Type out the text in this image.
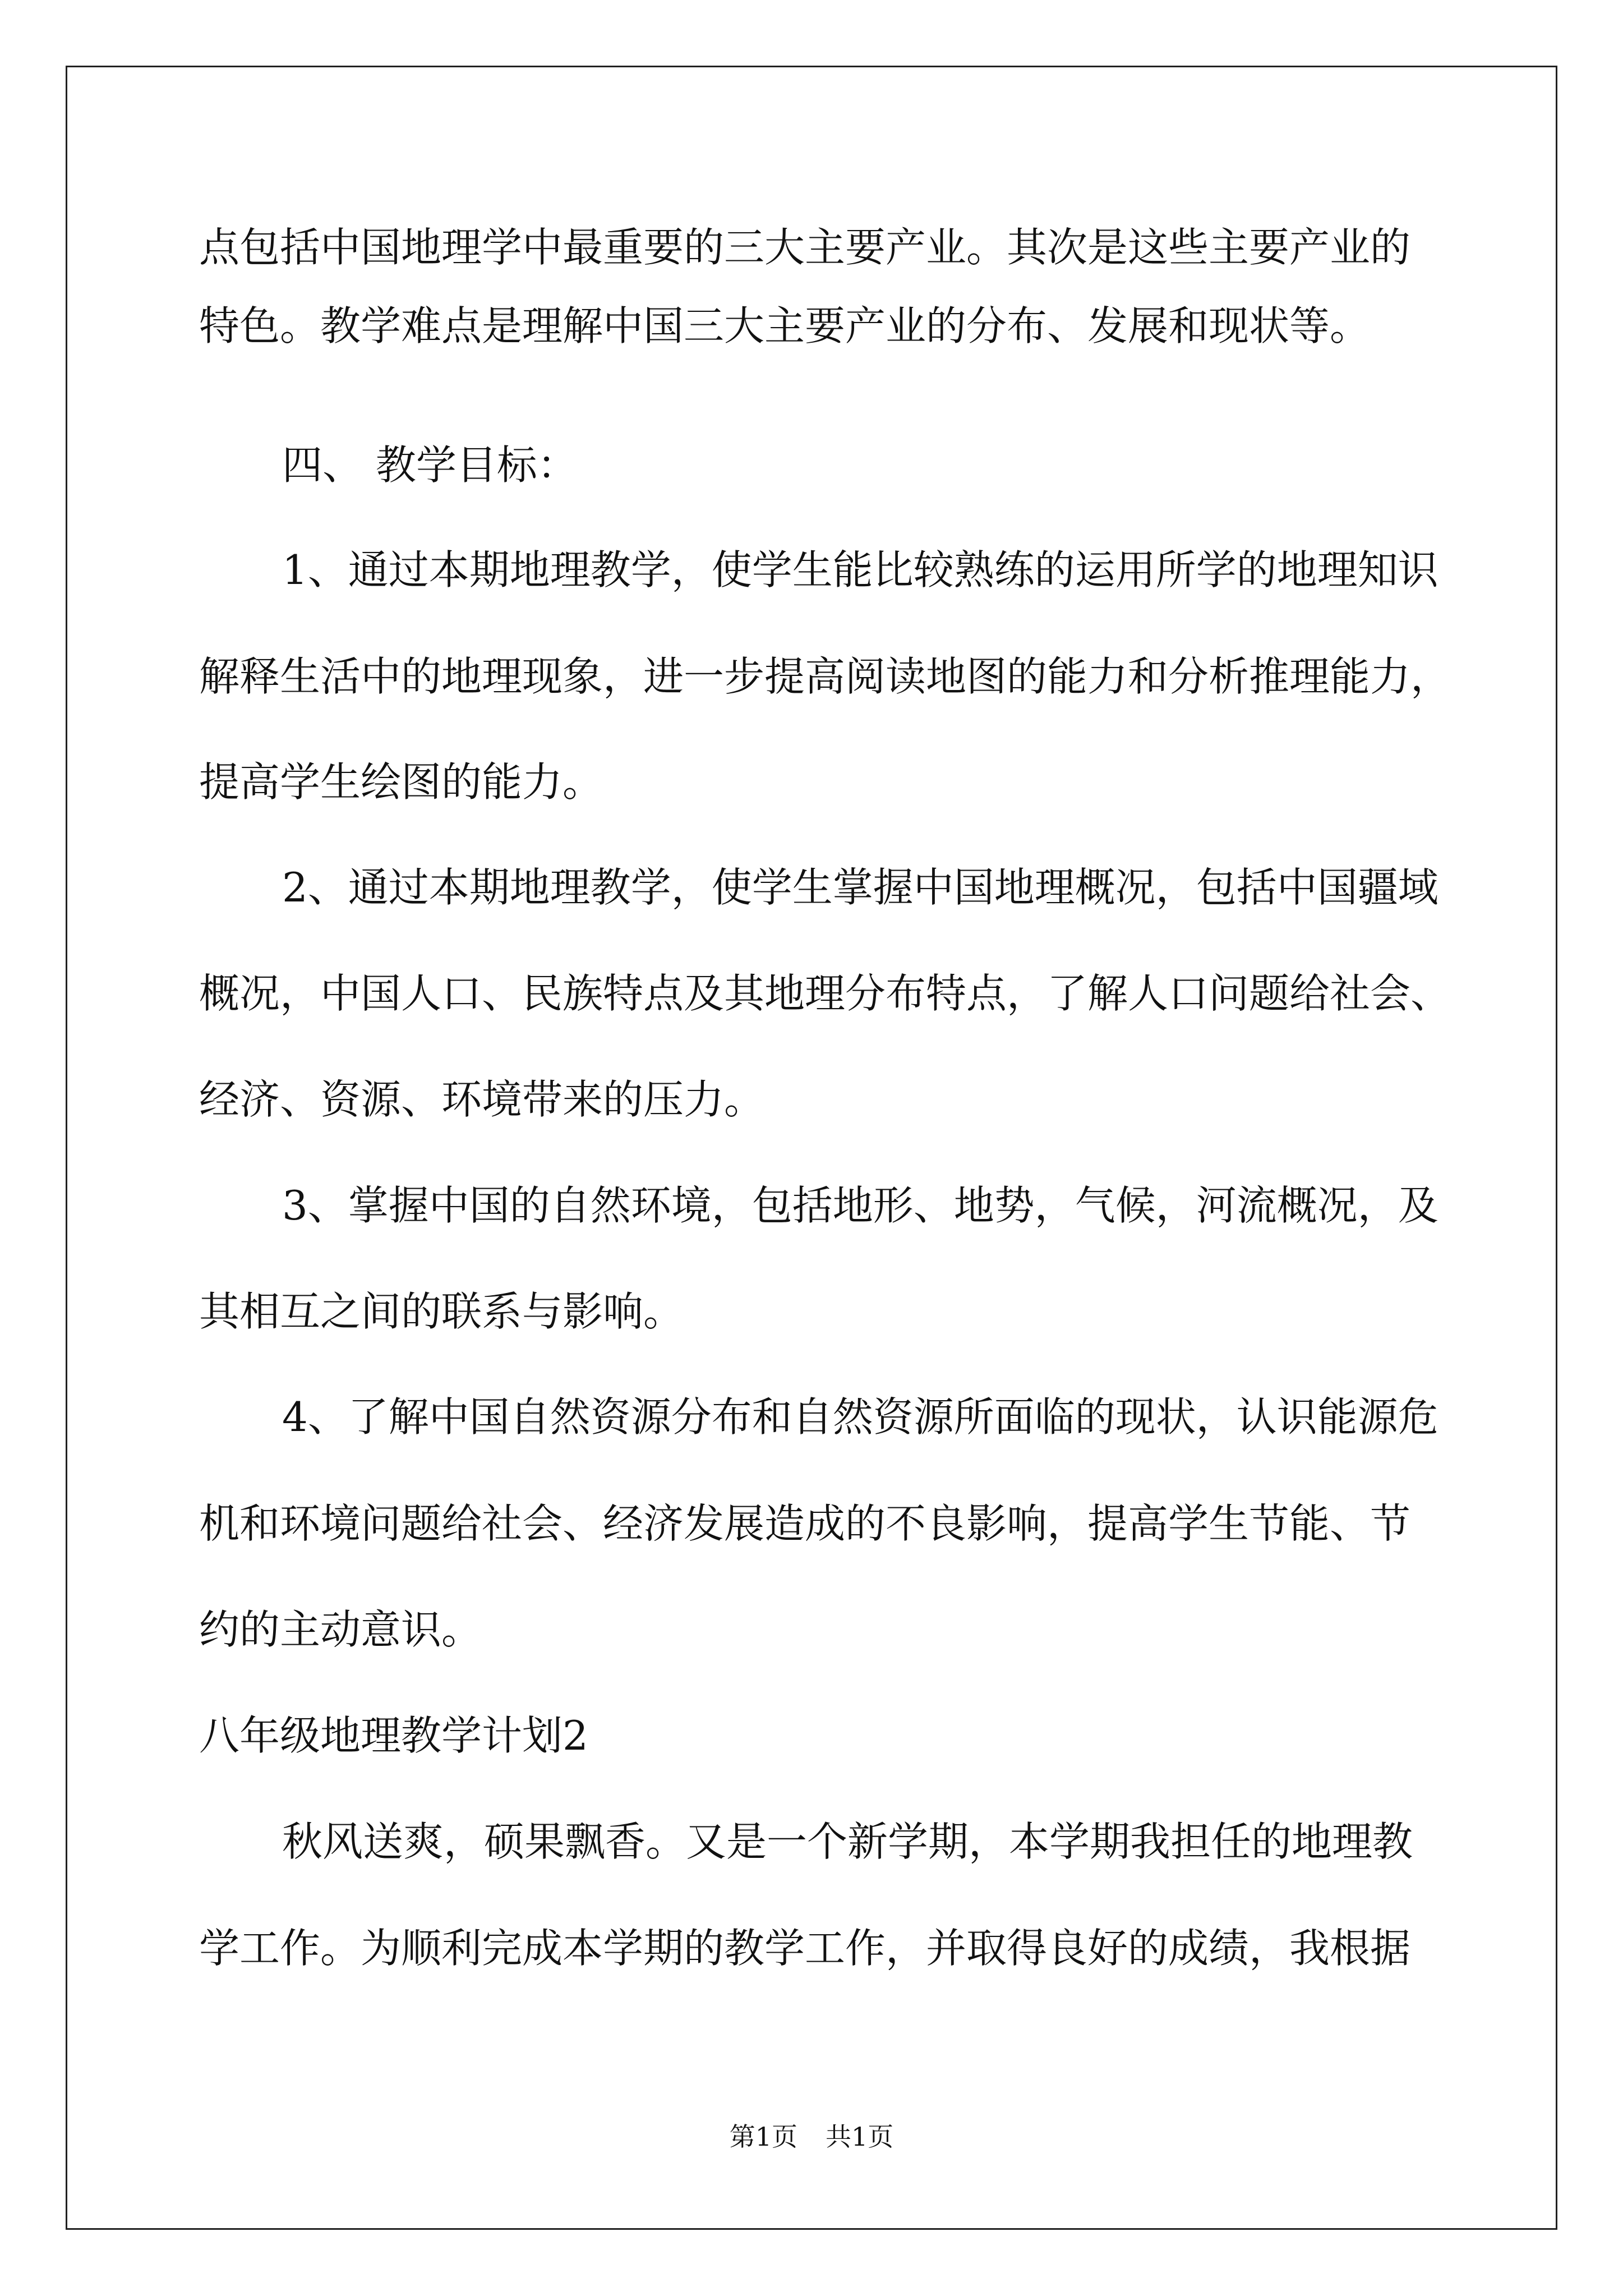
点包括中国地理学中最重要的三大主要产业。其次是这些主要产业的
特色。教学难点是理解中国三大主要产业的分布、发展和现状等。
四、 教学目标：
1、通过本期地理教学，使学生能比较熟练的运用所学的地理知识
解释生活中的地理现象，进一步提高阅读地图的能力和分析推理能力，
提高学生绘图的能力。
2、通过本期地理教学，使学生掌握中国地理概况，包括中国疆域
概况，中国人口、民族特点及其地理分布特点，了解人口问题给社会、
经济、资源、环境带来的压力。
3、掌握中国的自然环境，包括地形、地势，气候，河流概况，及
其相互之间的联系与影响。
4、了解中国自然资源分布和自然资源所面临的现状，认识能源危
机和环境问题给社会、经济发展造成的不良影响，提高学生节能、节
约的主动意识。
八年级地理教学计划2
秋风送爽，硕果飘香。又是一个新学期，本学期我担任的地理教
学工作。为顺利完成本学期的教学工作，并取得良好的成绩，我根据
第1页 共1页
